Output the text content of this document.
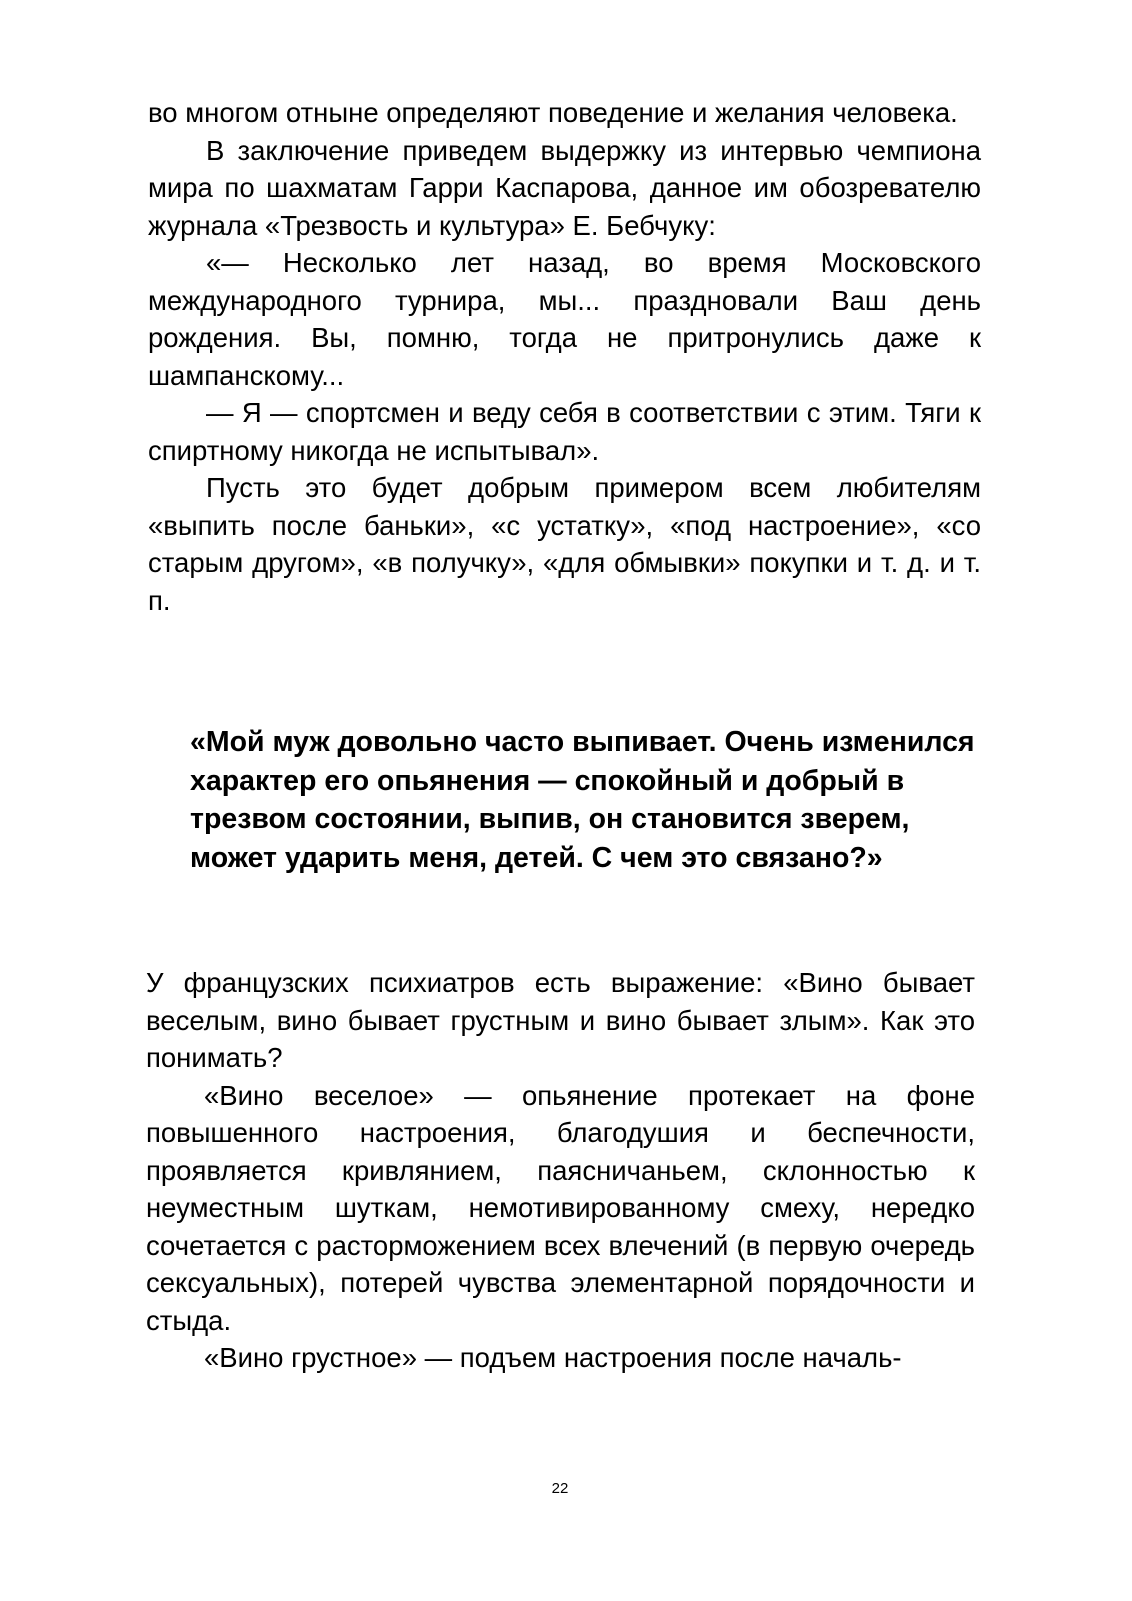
во многом отныне определяют поведение и желания человека.

В заключение приведем выдержку из интервью чемпиона мира по шахматам Гарри Каспарова, данное им обозревателю журнала «Трезвость и культура» Е. Бебчуку:

«— Несколько лет назад, во время Московского международного турнира, мы... праздновали Ваш день рождения. Вы, помню, тогда не притронулись даже к шампанскому...

— Я — спортсмен и веду себя в соответствии с этим. Тяги к спиртному никогда не испытывал».

Пусть это будет добрым примером всем любителям «выпить после баньки», «с устатку», «под настроение», «со старым другом», «в получку», «для обмывки» покупки и т. д. и т. п.

«Мой муж довольно часто выпивает. Очень изменился характер его опьянения — спокойный и добрый в трезвом состоянии, выпив, он становится зверем, может ударить меня, детей. С чем это связано?»

У французских психиатров есть выражение: «Вино бывает веселым, вино бывает грустным и вино бывает злым». Как это понимать?

«Вино веселое» — опьянение протекает на фоне повышенного настроения, благодушия и беспечности, проявляется кривлянием, паясничаньем, склонностью к неуместным шуткам, немотивированному смеху, нередко сочетается с расторможением всех влечений (в первую очередь сексуальных), потерей чувства элементарной порядочности и стыда.

«Вино грустное» — подъем настроения после началь-

22
